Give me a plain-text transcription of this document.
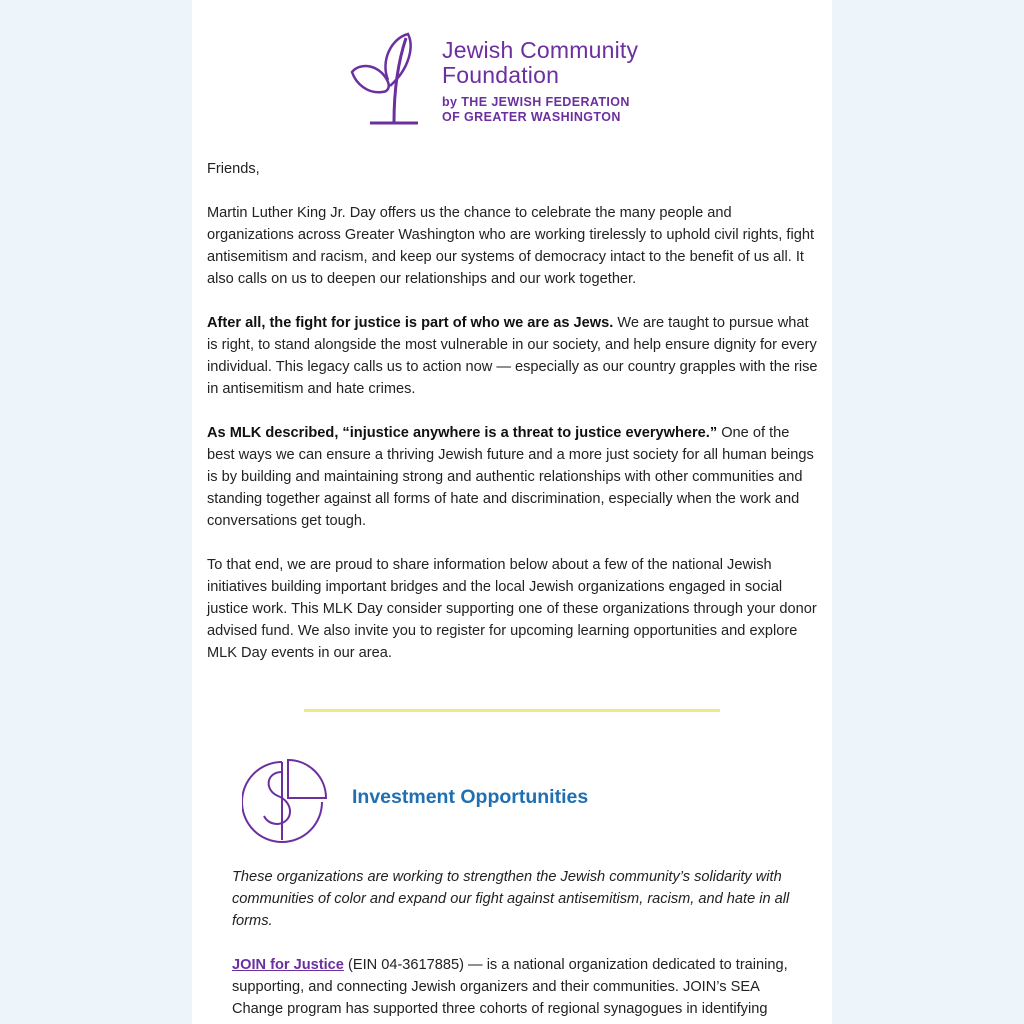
Jewish Community
Foundation
by THE JEWISH FEDERATION
OF GREATER WASHINGTON

Friends,

Martin Luther King Jr. Day offers us the chance to celebrate the many people and organizations across Greater Washington who are working tirelessly to uphold civil rights, fight antisemitism and racism, and keep our systems of democracy intact to the benefit of us all. It also calls on us to deepen our relationships and our work together.

After all, the fight for justice is part of who we are as Jews. We are taught to pursue what is right, to stand alongside the most vulnerable in our society, and help ensure dignity for every individual. This legacy calls us to action now — especially as our country grapples with the rise in antisemitism and hate crimes.

As MLK described, “injustice anywhere is a threat to justice everywhere.” One of the best ways we can ensure a thriving Jewish future and a more just society for all human beings is by building and maintaining strong and authentic relationships with other communities and standing together against all forms of hate and discrimination, especially when the work and conversations get tough.

To that end, we are proud to share information below about a few of the national Jewish initiatives building important bridges and the local Jewish organizations engaged in social justice work. This MLK Day consider supporting one of these organizations through your donor advised fund. We also invite you to register for upcoming learning opportunities and explore MLK Day events in our area.

Investment Opportunities

These organizations are working to strengthen the Jewish community’s solidarity with communities of color and expand our fight against antisemitism, racism, and hate in all forms.

JOIN for Justice (EIN 04-3617885) — is a national organization dedicated to training, supporting, and connecting Jewish organizers and their communities. JOIN’s SEA Change program has supported three cohorts of regional synagogues in identifying
